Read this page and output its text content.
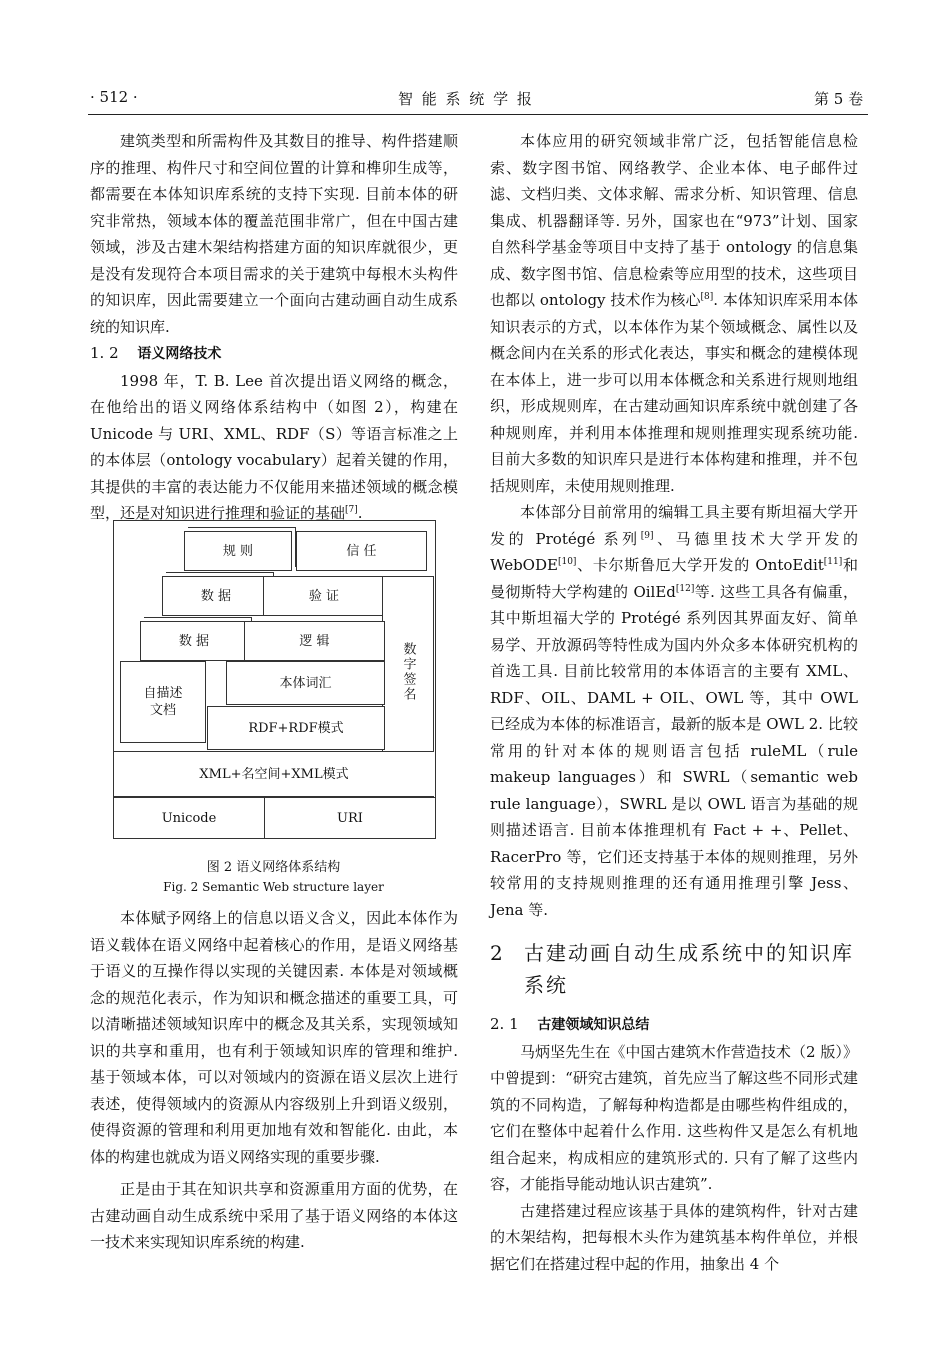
· 512 ·	智 能 系 统 学 报	第 5 卷

建筑类型和所需构件及其数目的推导、构件搭建顺序的推理、构件尺寸和空间位置的计算和榫卯生成等，都需要在本体知识库系统的支持下实现. 目前本体的研究非常热，领域本体的覆盖范围非常广，但在中国古建领域，涉及古建木架结构搭建方面的知识库就很少，更是没有发现符合本项目需求的关于建筑中每根木头构件的知识库，因此需要建立一个面向古建动画自动生成系统的知识库.

1. 2 语义网络技术

1998 年，T. B. Lee 首次提出语义网络的概念，在他给出的语义网络体系结构中（如图 2），构建在 Unicode 与 URI、XML、RDF（S）等语言标准之上的本体层（ontology vocabulary）起着关键的作用，其提供的丰富的表达能力不仅能用来描述领域的概念模型，还是对知识进行推理和验证的基础[7].

规 则	信 任
数 据	验 证
数字签名
数 据	逻 辑
自描述文档
本体词汇
RDF+RDF模式
XML+名空间+XML模式
Unicode	URI
图 2 语义网络体系结构
Fig. 2 Semantic Web structure layer

本体赋予网络上的信息以语义含义，因此本体作为语义载体在语义网络中起着核心的作用，是语义网络基于语义的互操作得以实现的关键因素. 本体是对领域概念的规范化表示，作为知识和概念描述的重要工具，可以清晰描述领域知识库中的概念及其关系，实现领域知识的共享和重用，也有利于领域知识库的管理和维护. 基于领域本体，可以对领域内的资源在语义层次上进行表述，使得领域内的资源从内容级别上升到语义级别，使得资源的管理和利用更加地有效和智能化. 由此，本体的构建也就成为语义网络实现的重要步骤.

正是由于其在知识共享和资源重用方面的优势，在古建动画自动生成系统中采用了基于语义网络的本体这一技术来实现知识库系统的构建.

本体应用的研究领域非常广泛，包括智能信息检索、数字图书馆、网络教学、企业本体、电子邮件过滤、文档归类、文体求解、需求分析、知识管理、信息集成、机器翻译等. 另外，国家也在“973”计划、国家自然科学基金等项目中支持了基于 ontology 的信息集成、数字图书馆、信息检索等应用型的技术，这些项目也都以 ontology 技术作为核心[8]. 本体知识库采用本体知识表示的方式，以本体作为某个领域概念、属性以及概念间内在关系的形式化表达，事实和概念的建模体现在本体上，进一步可以用本体概念和关系进行规则地组织，形成规则库，在古建动画知识库系统中就创建了各种规则库，并利用本体推理和规则推理实现系统功能. 目前大多数的知识库只是进行本体构建和推理，并不包括规则库，未使用规则推理.

本体部分目前常用的编辑工具主要有斯坦福大学开发的 Protégé 系列[9]、马德里技术大学开发的 WebODE[10]、卡尔斯鲁厄大学开发的 OntoEdit[11]和曼彻斯特大学构建的 OilEd[12]等. 这些工具各有偏重，其中斯坦福大学的 Protégé 系列因其界面友好、简单易学、开放源码等特性成为国内外众多本体研究机构的首选工具. 目前比较常用的本体语言的主要有 XML、RDF、OIL、DAML + OIL、OWL 等，其中 OWL 已经成为本体的标准语言，最新的版本是 OWL 2. 比较常用的针对本体的规则语言包括 ruleML（rule makeup languages）和 SWRL（semantic web rule language），SWRL 是以 OWL 语言为基础的规则描述语言. 目前本体推理机有 Fact + +、Pellet、RacerPro 等，它们还支持基于本体的规则推理，另外较常用的支持规则推理的还有通用推理引擎 Jess、Jena 等.

2 古建动画自动生成系统中的知识库系统

2. 1 古建领域知识总结

马炳坚先生在《中国古建筑木作营造技术（2 版）》中曾提到：“研究古建筑，首先应当了解这些不同形式建筑的不同构造，了解每种构造都是由哪些构件组成的，它们在整体中起着什么作用. 这些构件又是怎么有机地组合起来，构成相应的建筑形式的. 只有了解了这些内容，才能指导能动地认识古建筑”.

古建搭建过程应该基于具体的建筑构件，针对古建的木架结构，把每根木头作为建筑基本构件单位，并根据它们在搭建过程中起的作用，抽象出 4 个
